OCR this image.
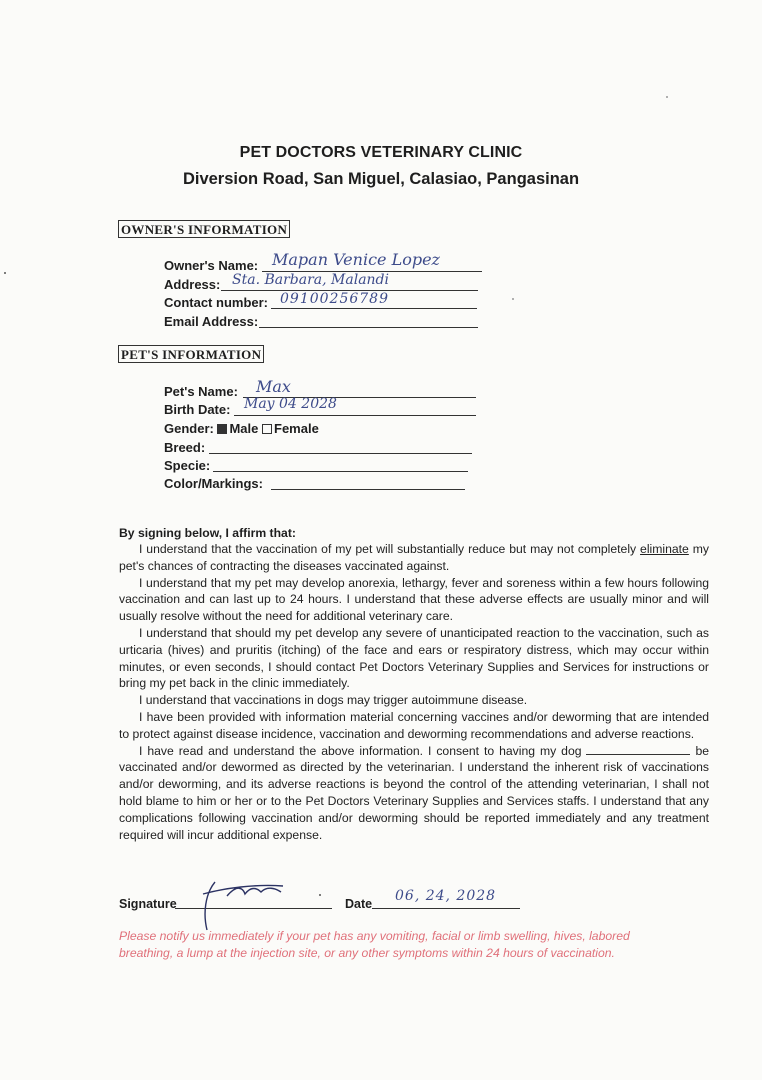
PET DOCTORS VETERINARY CLINIC
Diversion Road, San Miguel, Calasiao, Pangasinan
OWNER'S INFORMATION
Owner's Name: Mapan Venice Lopez
Address: Sta. Barbara, Malandi
Contact number: 09100256789
Email Address:
PET'S INFORMATION
Pet's Name: Max
Birth Date: May 04 2028
Gender: Male Female
Breed:
Specie:
Color/Markings:
By signing below, I affirm that:

I understand that the vaccination of my pet will substantially reduce but may not completely eliminate my pet's chances of contracting the diseases vaccinated against.

I understand that my pet may develop anorexia, lethargy, fever and soreness within a few hours following vaccination and can last up to 24 hours. I understand that these adverse effects are usually minor and will usually resolve without the need for additional veterinary care.

I understand that should my pet develop any severe of unanticipated reaction to the vaccination, such as urticaria (hives) and pruritis (itching) of the face and ears or respiratory distress, which may occur within minutes, or even seconds, I should contact Pet Doctors Veterinary Supplies and Services for instructions or bring my pet back in the clinic immediately.

I understand that vaccinations in dogs may trigger autoimmune disease.

I have been provided with information material concerning vaccines and/or deworming that are intended to protect against disease incidence, vaccination and deworming recommendations and adverse reactions.

I have read and understand the above information. I consent to having my dog	be vaccinated and/or dewormed as directed by the veterinarian. I understand the inherent risk of vaccinations and/or deworming, and its adverse reactions is beyond the control of the attending veterinarian, I shall not hold blame to him or her or to the Pet Doctors Veterinary Supplies and Services staffs. I understand that any complications following vaccination and/or deworming should be reported immediately and any treatment required will incur additional expense.

Signature	Date 06, 24, 2028
Please notify us immediately if your pet has any vomiting, facial or limb swelling, hives, labored breathing, a lump at the injection site, or any other symptoms within 24 hours of vaccination.
